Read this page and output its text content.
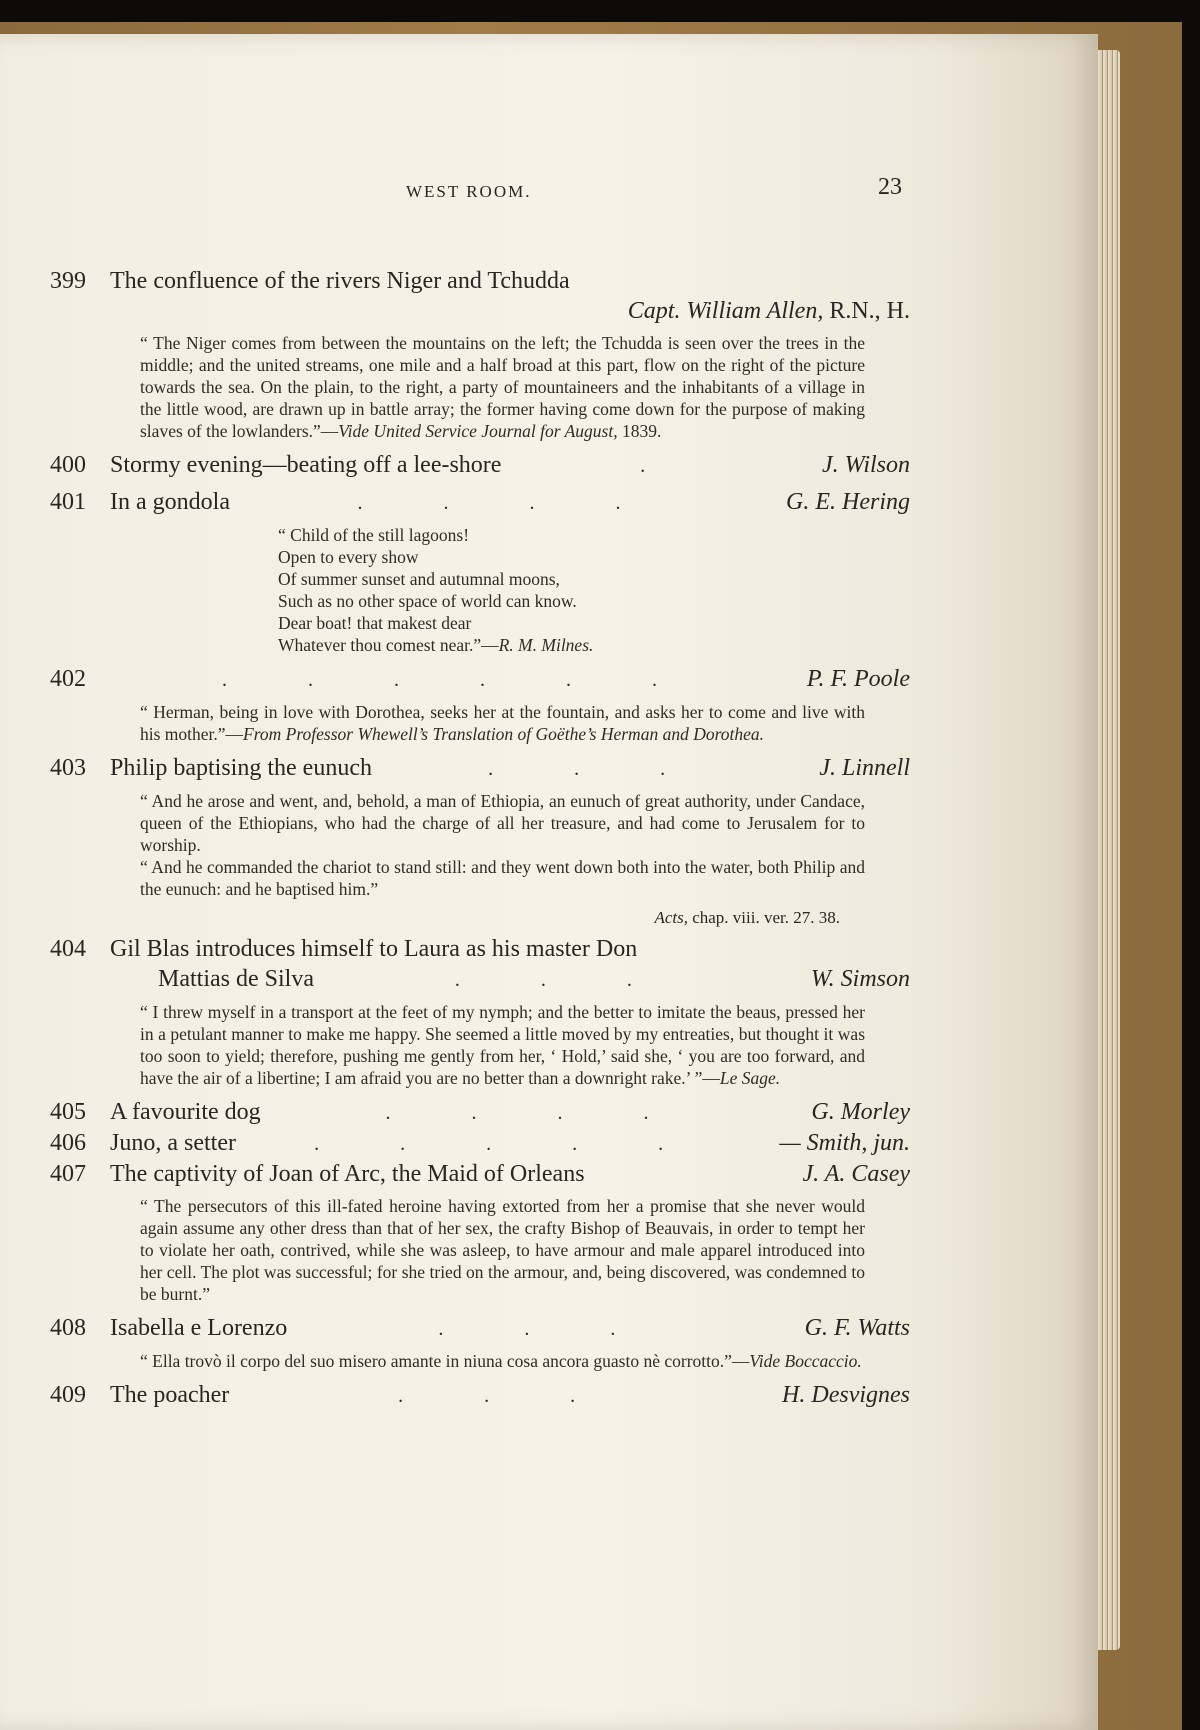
WEST ROOM.	23
399	The confluence of the rivers Niger and Tchudda
Capt. William Allen, R.N., H.
“ The Niger comes from between the mountains on the left; the Tchudda is seen over the trees in the middle; and the united streams, one mile and a half broad at this part, flow on the right of the picture towards the sea. On the plain, to the right, a party of mountaineers and the inhabitants of a village in the little wood, are drawn up in battle array; the former having come down for the purpose of making slaves of the lowlanders.”—Vide United Service Journal for August, 1839.
400	Stormy evening—beating off a lee-shore	.	J. Wilson
401	In a gondola	. . . .	G. E. Hering
“ Child of the still lagoons!
Open to every show
Of summer sunset and autumnal moons,
Such as no other space of world can know.
Dear boat! that makest dear
Whatever thou comest near.”—R. M. Milnes.
402	. . . . . .	P. F. Poole
“ Herman, being in love with Dorothea, seeks her at the fountain, and asks her to come and live with his mother.”—From Professor Whewell’s Translation of Goëthe’s Herman and Dorothea.
403	Philip baptising the eunuch	. . .	J. Linnell
“ And he arose and went, and, behold, a man of Ethiopia, an eunuch of great authority, under Candace, queen of the Ethiopians, who had the charge of all her treasure, and had come to Jerusalem for to worship.
“ And he commanded the chariot to stand still: and they went down both into the water, both Philip and the eunuch: and he baptised him.”
Acts, chap. viii. ver. 27. 38.
404	Gil Blas introduces himself to Laura as his master Don
Mattias de Silva	. . .	W. Simson
“ I threw myself in a transport at the feet of my nymph; and the better to imitate the beaus, pressed her in a petulant manner to make me happy. She seemed a little moved by my entreaties, but thought it was too soon to yield; therefore, pushing me gently from her, ‘ Hold,’ said she, ‘ you are too forward, and have the air of a libertine; I am afraid you are no better than a downright rake.’ ”—Le Sage.
405	A favourite dog	. . . .	G. Morley
406	Juno, a setter	. . . . .	— Smith, jun.
407	The captivity of Joan of Arc, the Maid of Orleans	J. A. Casey
“ The persecutors of this ill-fated heroine having extorted from her a promise that she never would again assume any other dress than that of her sex, the crafty Bishop of Beauvais, in order to tempt her to violate her oath, contrived, while she was asleep, to have armour and male apparel introduced into her cell. The plot was successful; for she tried on the armour, and, being discovered, was condemned to be burnt.”
408	Isabella e Lorenzo	. . .	G. F. Watts
“ Ella trovò il corpo del suo misero amante in niuna cosa ancora guasto nè corrotto.”—Vide Boccaccio.
409	The poacher	. . .	H. Desvignes
